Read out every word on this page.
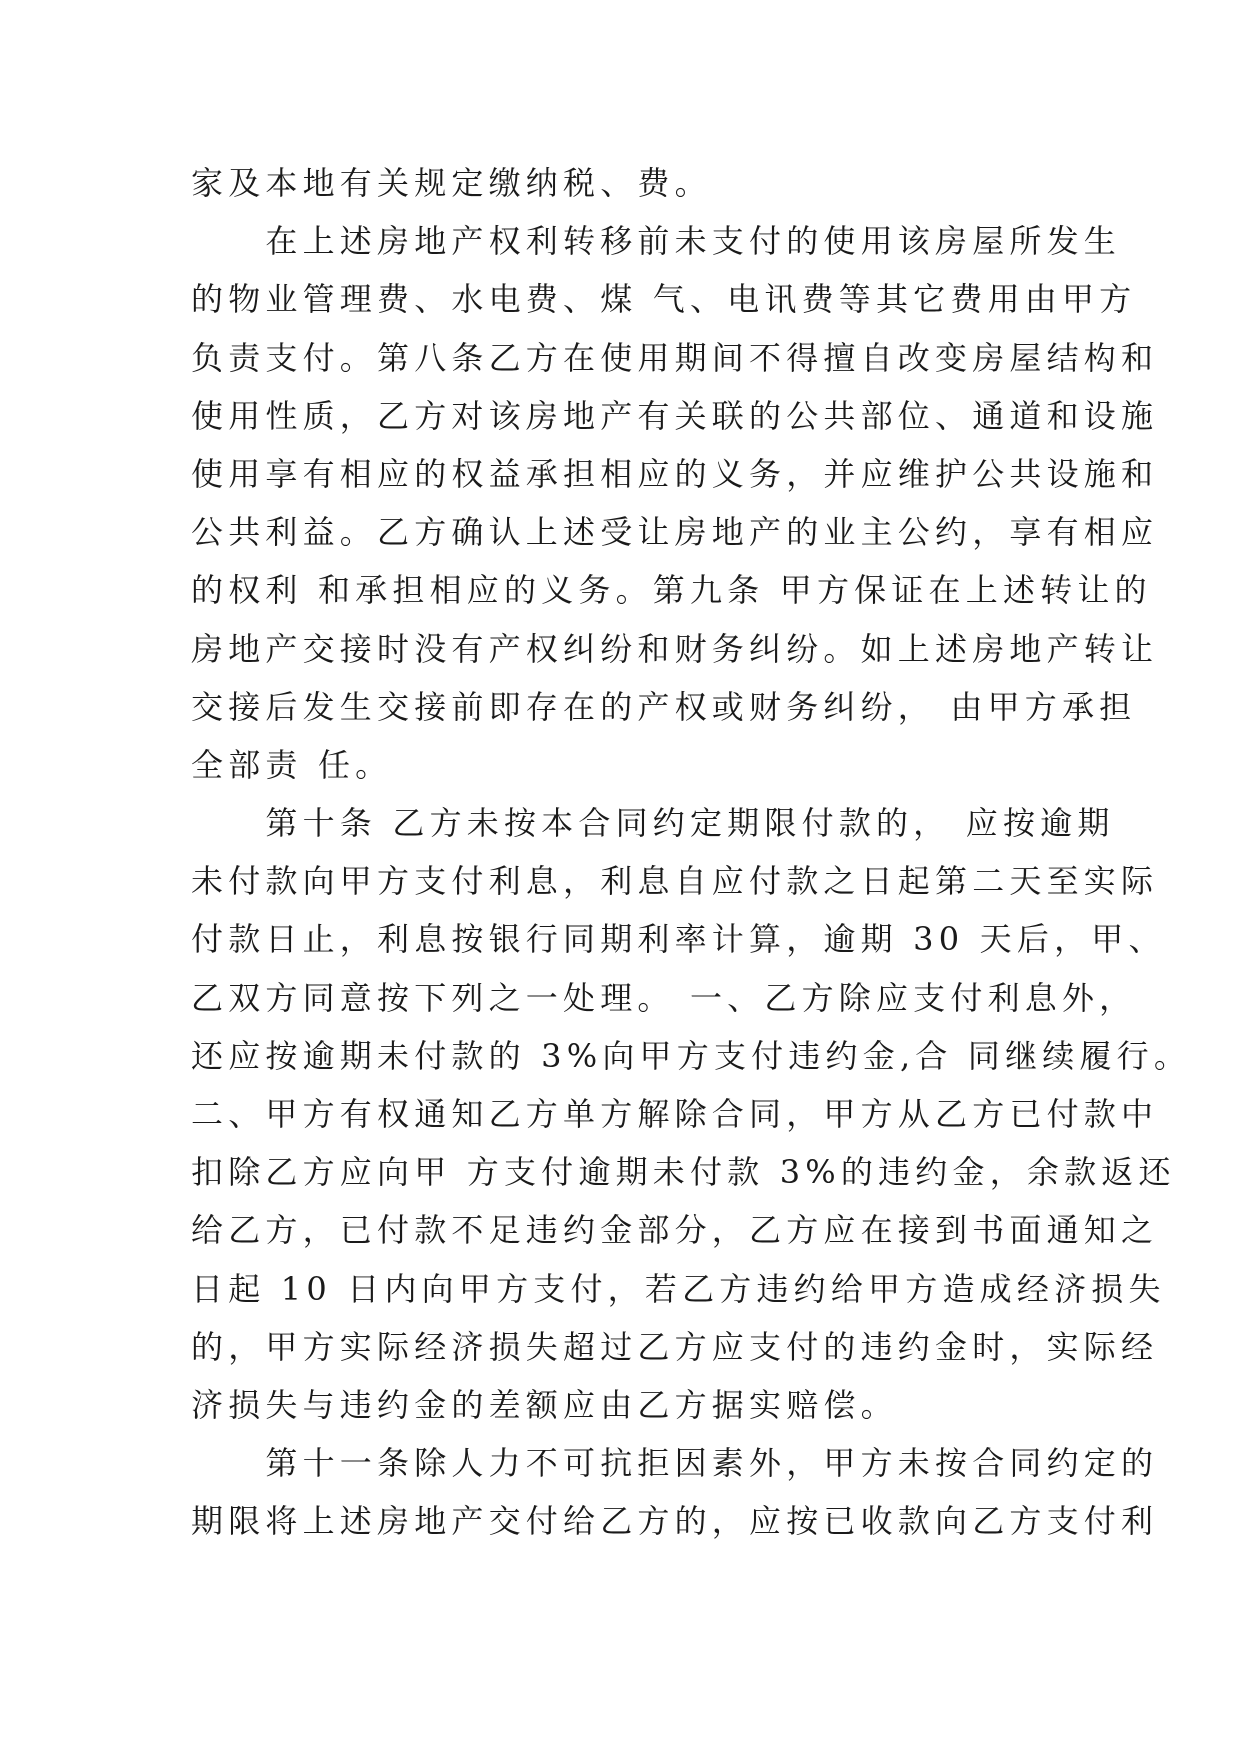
家及本地有关规定缴纳税、费。
　　在上述房地产权利转移前未支付的使用该房屋所发生
的物业管理费、水电费、煤 气、电讯费等其它费用由甲方
负责支付。第八条乙方在使用期间不得擅自改变房屋结构和
使用性质，乙方对该房地产有关联的公共部位、通道和设施
使用享有相应的权益承担相应的义务，并应维护公共设施和
公共利益。乙方确认上述受让房地产的业主公约，享有相应
的权利 和承担相应的义务。第九条 甲方保证在上述转让的
房地产交接时没有产权纠纷和财务纠纷。如上述房地产转让
交接后发生交接前即存在的产权或财务纠纷， 由甲方承担
全部责 任。
　　第十条 乙方未按本合同约定期限付款的， 应按逾期
未付款向甲方支付利息，利息自应付款之日起第二天至实际
付款日止，利息按银行同期利率计算，逾期 30 天后，甲、
乙双方同意按下列之一处理。 一、乙方除应支付利息外，
还应按逾期未付款的 3%向甲方支付违约金,合 同继续履行。
二、甲方有权通知乙方单方解除合同，甲方从乙方已付款中
扣除乙方应向甲 方支付逾期未付款 3%的违约金，余款返还
给乙方，已付款不足违约金部分，乙方应在接到书面通知之
日起 10 日内向甲方支付，若乙方违约给甲方造成经济损失
的，甲方实际经济损失超过乙方应支付的违约金时，实际经
济损失与违约金的差额应由乙方据实赔偿。
　　第十一条除人力不可抗拒因素外，甲方未按合同约定的
期限将上述房地产交付给乙方的，应按已收款向乙方支付利
